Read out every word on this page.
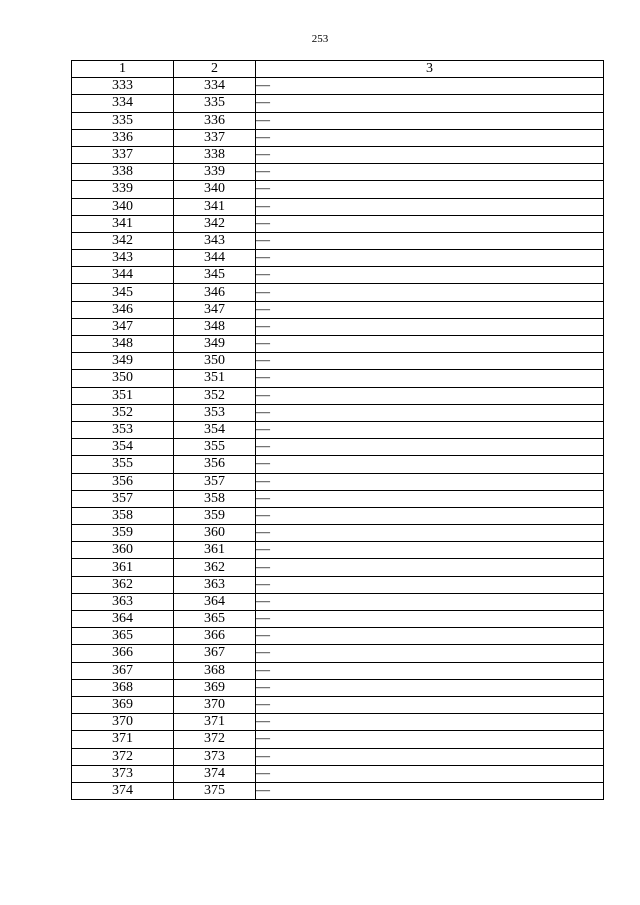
253
1	2	3
333	334	—
334	335	—
335	336	—
336	337	—
337	338	—
338	339	—
339	340	—
340	341	—
341	342	—
342	343	—
343	344	—
344	345	—
345	346	—
346	347	—
347	348	—
348	349	—
349	350	—
350	351	—
351	352	—
352	353	—
353	354	—
354	355	—
355	356	—
356	357	—
357	358	—
358	359	—
359	360	—
360	361	—
361	362	—
362	363	—
363	364	—
364	365	—
365	366	—
366	367	—
367	368	—
368	369	—
369	370	—
370	371	—
371	372	—
372	373	—
373	374	—
374	375	—
